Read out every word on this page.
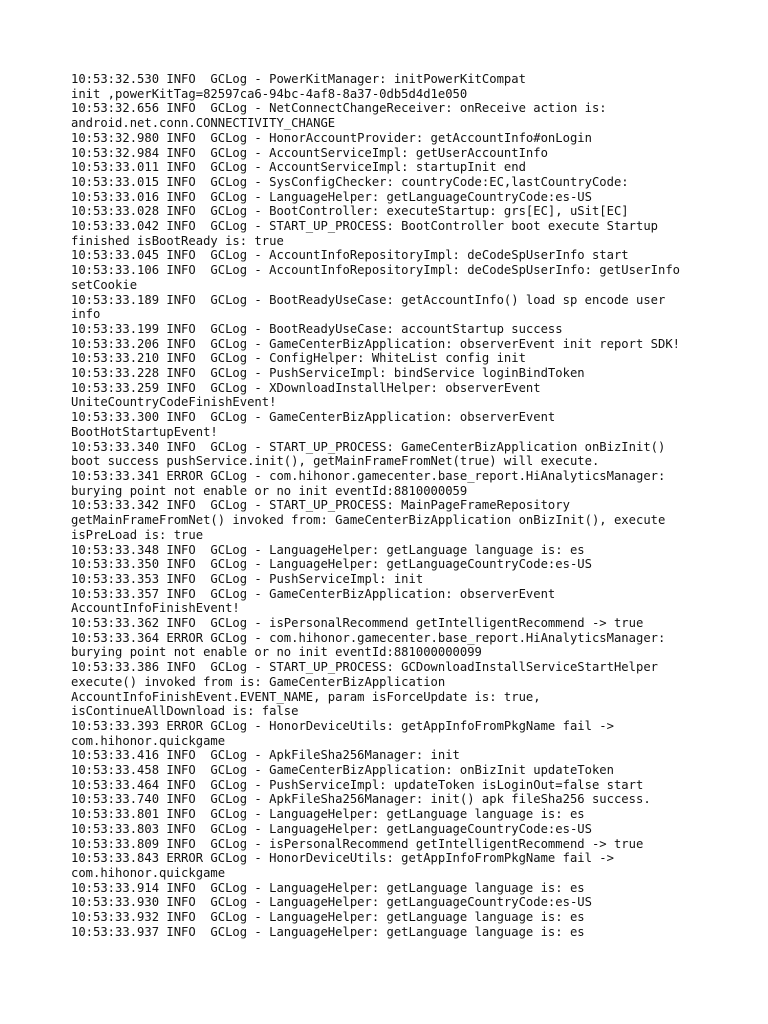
10:53:32.530 INFO  GCLog - PowerKitManager: initPowerKitCompat
init ,powerKitTag=82597ca6-94bc-4af8-8a37-0db5d4d1e050
10:53:32.656 INFO  GCLog - NetConnectChangeReceiver: onReceive action is:
android.net.conn.CONNECTIVITY_CHANGE
10:53:32.980 INFO  GCLog - HonorAccountProvider: getAccountInfo#onLogin
10:53:32.984 INFO  GCLog - AccountServiceImpl: getUserAccountInfo
10:53:33.011 INFO  GCLog - AccountServiceImpl: startupInit end
10:53:33.015 INFO  GCLog - SysConfigChecker: countryCode:EC,lastCountryCode:
10:53:33.016 INFO  GCLog - LanguageHelper: getLanguageCountryCode:es-US
10:53:33.028 INFO  GCLog - BootController: executeStartup: grs[EC], uSit[EC]
10:53:33.042 INFO  GCLog - START_UP_PROCESS: BootController boot execute Startup
finished isBootReady is: true
10:53:33.045 INFO  GCLog - AccountInfoRepositoryImpl: deCodeSpUserInfo start
10:53:33.106 INFO  GCLog - AccountInfoRepositoryImpl: deCodeSpUserInfo: getUserInfo
setCookie
10:53:33.189 INFO  GCLog - BootReadyUseCase: getAccountInfo() load sp encode user
info
10:53:33.199 INFO  GCLog - BootReadyUseCase: accountStartup success
10:53:33.206 INFO  GCLog - GameCenterBizApplication: observerEvent init report SDK!
10:53:33.210 INFO  GCLog - ConfigHelper: WhiteList config init
10:53:33.228 INFO  GCLog - PushServiceImpl: bindService loginBindToken
10:53:33.259 INFO  GCLog - XDownloadInstallHelper: observerEvent
UniteCountryCodeFinishEvent!
10:53:33.300 INFO  GCLog - GameCenterBizApplication: observerEvent
BootHotStartupEvent!
10:53:33.340 INFO  GCLog - START_UP_PROCESS: GameCenterBizApplication onBizInit()
boot success pushService.init(), getMainFrameFromNet(true) will execute.
10:53:33.341 ERROR GCLog - com.hihonor.gamecenter.base_report.HiAnalyticsManager:
burying point not enable or no init eventId:8810000059
10:53:33.342 INFO  GCLog - START_UP_PROCESS: MainPageFrameRepository
getMainFrameFromNet() invoked from: GameCenterBizApplication onBizInit(), execute
isPreLoad is: true
10:53:33.348 INFO  GCLog - LanguageHelper: getLanguage language is: es
10:53:33.350 INFO  GCLog - LanguageHelper: getLanguageCountryCode:es-US
10:53:33.353 INFO  GCLog - PushServiceImpl: init
10:53:33.357 INFO  GCLog - GameCenterBizApplication: observerEvent
AccountInfoFinishEvent!
10:53:33.362 INFO  GCLog - isPersonalRecommend getIntelligentRecommend -> true
10:53:33.364 ERROR GCLog - com.hihonor.gamecenter.base_report.HiAnalyticsManager:
burying point not enable or no init eventId:881000000099
10:53:33.386 INFO  GCLog - START_UP_PROCESS: GCDownloadInstallServiceStartHelper
execute() invoked from is: GameCenterBizApplication
AccountInfoFinishEvent.EVENT_NAME, param isForceUpdate is: true,
isContinueAllDownload is: false
10:53:33.393 ERROR GCLog - HonorDeviceUtils: getAppInfoFromPkgName fail ->
com.hihonor.quickgame
10:53:33.416 INFO  GCLog - ApkFileSha256Manager: init
10:53:33.458 INFO  GCLog - GameCenterBizApplication: onBizInit updateToken
10:53:33.464 INFO  GCLog - PushServiceImpl: updateToken isLoginOut=false start
10:53:33.740 INFO  GCLog - ApkFileSha256Manager: init() apk fileSha256 success.
10:53:33.801 INFO  GCLog - LanguageHelper: getLanguage language is: es
10:53:33.803 INFO  GCLog - LanguageHelper: getLanguageCountryCode:es-US
10:53:33.809 INFO  GCLog - isPersonalRecommend getIntelligentRecommend -> true
10:53:33.843 ERROR GCLog - HonorDeviceUtils: getAppInfoFromPkgName fail ->
com.hihonor.quickgame
10:53:33.914 INFO  GCLog - LanguageHelper: getLanguage language is: es
10:53:33.930 INFO  GCLog - LanguageHelper: getLanguageCountryCode:es-US
10:53:33.932 INFO  GCLog - LanguageHelper: getLanguage language is: es
10:53:33.937 INFO  GCLog - LanguageHelper: getLanguage language is: es
